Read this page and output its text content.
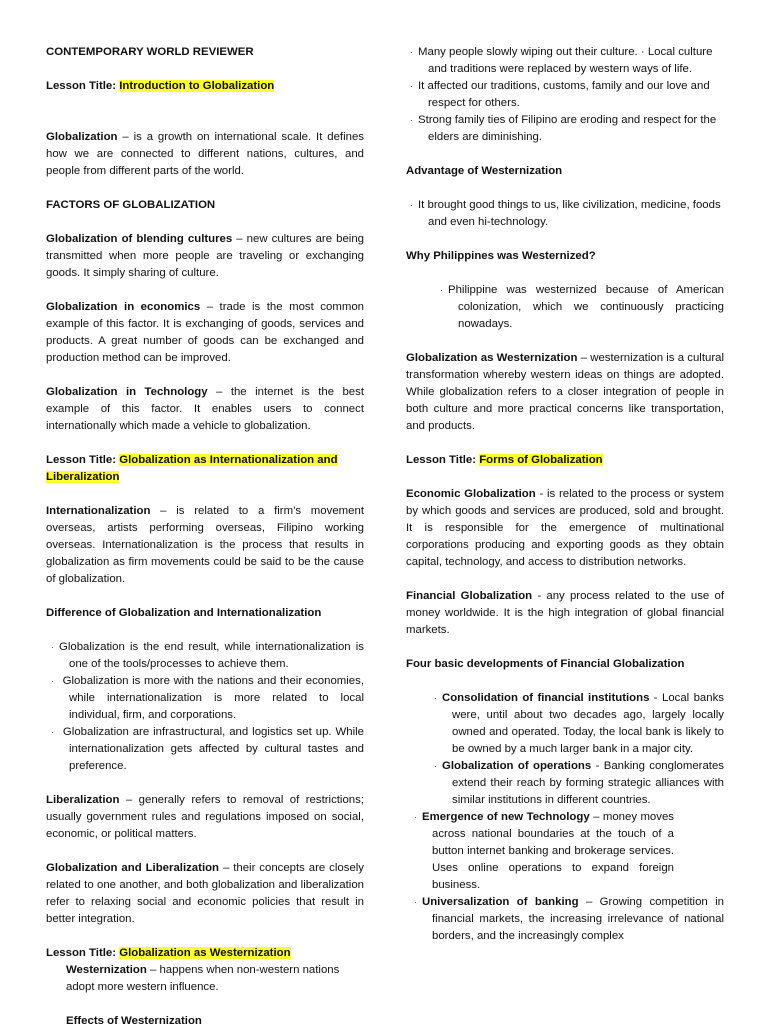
CONTEMPORARY WORLD REVIEWER

Lesson Title: Introduction to Globalization

Globalization – is a growth on international scale. It defines how we are connected to different nations, cultures, and people from different parts of the world.

FACTORS OF GLOBALIZATION

Globalization of blending cultures – new cultures are being transmitted when more people are traveling or exchanging goods. It simply sharing of culture.

Globalization in economics – trade is the most common example of this factor. It is exchanging of goods, services and products. A great number of goods can be exchanged and production method can be improved.

Globalization in Technology – the internet is the best example of this factor. It enables users to connect internationally which made a vehicle to globalization.

Lesson Title: Globalization as Internationalization and Liberalization

Internationalization – is related to a firm’s movement overseas, artists performing overseas, Filipino working overseas. Internationalization is the process that results in globalization as firm movements could be said to be the cause of globalization.

Difference of Globalization and Internationalization

· Globalization is the end result, while internationalization is one of the tools/processes to achieve them.

· Globalization is more with the nations and their economies, while internationalization is more related to local individual, firm, and corporations.

· Globalization are infrastructural, and logistics set up. While internationalization gets affected by cultural tastes and preference.

Liberalization – generally refers to removal of restrictions; usually government rules and regulations imposed on social, economic, or political matters.

Globalization and Liberalization – their concepts are closely related to one another, and both globalization and liberalization refer to relaxing social and economic policies that result in better integration.

Lesson Title: Globalization as Westernization

Westernization – happens when non-western nations adopt more western influence.

Effects of Westernization

· Many people slowly wiping out their culture. · Local culture and traditions were replaced by western ways of life.

· It affected our traditions, customs, family and our love and respect for others.

· Strong family ties of Filipino are eroding and respect for the elders are diminishing.

Advantage of Westernization

· It brought good things to us, like civilization, medicine, foods and even hi-technology.

Why Philippines was Westernized?

· Philippine was westernized because of American colonization, which we continuously practicing nowadays.

Globalization as Westernization – westernization is a cultural transformation whereby western ideas on things are adopted. While globalization refers to a closer integration of people in both culture and more practical concerns like transportation, and products.

Lesson Title: Forms of Globalization

Economic Globalization - is related to the process or system by which goods and services are produced, sold and brought. It is responsible for the emergence of multinational corporations producing and exporting goods as they obtain capital, technology, and access to distribution networks.

Financial Globalization - any process related to the use of money worldwide. It is the high integration of global financial markets.

Four basic developments of Financial Globalization

· Consolidation of financial institutions - Local banks were, until about two decades ago, largely locally owned and operated. Today, the local bank is likely to be owned by a much larger bank in a major city.

· Globalization of operations - Banking conglomerates extend their reach by forming strategic alliances with similar institutions in different countries.

· Emergence of new Technology – money moves across national boundaries at the touch of a button internet banking and brokerage services. Uses online operations to expand foreign business.

· Universalization of banking – Growing competition in financial markets, the increasing irrelevance of national borders, and the increasingly complex
